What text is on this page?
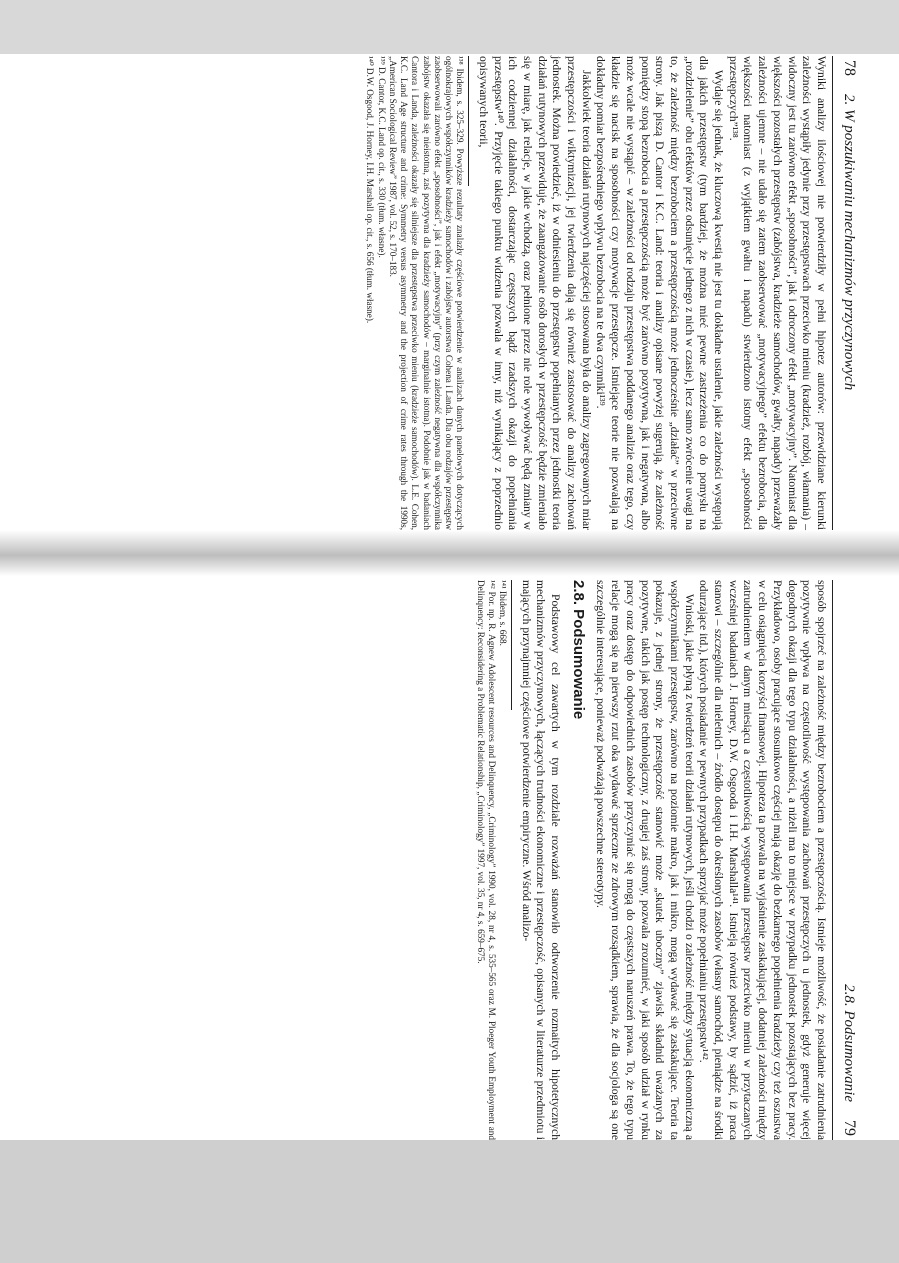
78
2. W poszukiwaniu mechanizmów przyczynowych

Wyniki analizy ilościowej nie potwierdziły w pełni hipotez autorów: przewidziane kierunki zależności wystąpiły jedynie przy przestępstwach przeciwko mieniu (kradzież, rozbój, włamania) – widoczny jest tu zarówno efekt „sposobności”, jak i odroczony efekt „motywacyjny”. Natomiast dla większości pozostałych przestępstw (zabójstwa, kradzieże samochodów, gwałty, napady) przeważały zależności ujemne – nie udało się zatem zaobserwować „motywacyjnego” efektu bezrobocia, dla większości natomiast (z wyjątkiem gwałtu i napadu) stwierdzono istotny efekt „sposobności przestępczych”¹³⁸.

Wydaje się jednak, że kluczową kwestią nie jest tu dokładne ustalenie, jakie zależności występują dla jakich przestępstw (tym bardziej, że można mieć pewne zastrzeżenia co do pomysłu na „rozdzielenie” obu efektów przez odsunięcie jednego z nich w czasie), lecz samo zwrócenie uwagi na to, że zależność między bezrobociem a przestępczością może jednocześnie „działać” w przeciwne strony. Jak piszą D. Cantor i K.C. Land: teoria i analizy opisane powyżej sugerują, że zależność pomiędzy stopą bezrobocia a przestępczością może być zarówno pozytywna, jak i negatywna, albo może wcale nie wystąpić – w zależności od rodzaju przestępstwa poddanego analizie oraz tego, czy kładzie się nacisk na sposobności czy motywacje przestępcze. Istniejące teorie nie pozwalają na dokładny pomiar bezpośredniego wpływu bezrobocia na te dwa czynniki¹³⁹.

Jakkolwiek teoria działań rutynowych najczęściej stosowana była do analizy zagregowanych miar przestępczości i wiktymizacji, jej twierdzenia dają się również zastosować do analizy zachowań jednostek. Można powiedzieć, iż w odniesieniu do przestępstw popełnianych przez jednostki teoria działań rutynowych przewiduje, że zaangażowanie osób dorosłych w przestępczość będzie zmieniało się w miarę, jak relacje, w jakie wchodzą, oraz pełnione przez nie role wywoływać będą zmiany w ich codziennej działalności, dostarczając częstszych bądź rzadszych okazji do popełniania przestępstw¹⁴⁰. Przyjęcie takiego punktu widzenia pozwala w inny, niż wynikający z poprzednio opisywanych teorii,

¹³⁸ Ibidem, s. 325–329. Powyższe rezultaty znalazły częściowe potwierdzenie w analizach danych panelowych dotyczących ogólnokrajowych współczynników kradzieży samochodów i zabójstw autorstwa Cohena i Landa. Dla obu rodzajów przestępstw zaobserwowali zarówno efekt „sposobności”, jak i efekt „motywacyjny” (przy czym zależność negatywna dla współczynnika zabójstw okazała się nieistotna, zaś pozytywna dla kradzieży samochodów – marginalnie istotna). Podobnie jak w badaniach Cantora i Landa, zależności okazały się silniejsze dla przestępstwa przeciwko mieniu (kradzieże samochodów). L.E. Cohen, K.C. Land Age structure and crime: Symmetry versus asymmetry and the projection of crime rates through the 1990s, „American Sociological Review” 1987, vol. 52, s. 170–183.

¹³⁹ D. Cantor, K.C. Land op. cit., s. 330 (tłum. własne).

¹⁴⁰ D.W. Osgood, J. Horney, I.H. Marshall op. cit., s. 656 (tłum. własne).

2.8. Podsumowanie
79

sposób spojrzeć na zależność między bezrobociem a przestępczością. Istnieje możliwość, że posiadanie zatrudnienia pozytywnie wpływa na częstotliwość występowania zachowań przestępczych u jednostek, gdyż generuje więcej dogodnych okazji dla tego typu działalności, a niżeli ma to miejsce w przypadku jednostek pozostających bez pracy. Przykładowo, osoby pracujące stosunkowo częściej mają okazję do bezkarnego popełnienia kradzieży czy też oszustwa w celu osiągnięcia korzyści finansowej. Hipoteza ta pozwala na wyjaśnienie zaskakującej, dodatniej zależności między zatrudnieniem w danym miesiącu a częstotliwością występowania przestępstw przeciwko mieniu w przytaczanych wcześniej badaniach J. Horney, D.W. Osgooda i I.H. Marshalla¹⁴¹. Istnieją również podstawy, by sądzić, iż praca stanowi – szczególnie dla nieletnich – źródło dostępu do określonych zasobów (własny samochód, pieniądze na środki odurzające itd.), których posiadanie w pewnych przypadkach sprzyjać może popełnianiu przestępstw¹⁴².

Wnioski, jakie płyną z twierdzeń teorii działań rutynowych, jeśli chodzi o zależność między sytuacją ekonomiczną a współczynnikami przestępstw, zarówno na poziomie makro, jak i mikro, mogą wydawać się zaskakujące. Teoria ta pokazuje, z jednej strony, że przestępczość stanowić może „skutek uboczny” zjawisk składnid uważanych za pozytywne, takich jak postęp technologiczny, z drugiej zaś strony, pozwala zrozumieć, w jaki sposób udział w rynku pracy oraz dostęp do odpowiednich zasobów przyczyniać się mogą do częstszych naruszeń prawa. To, że tego typu relacje mogą się na pierwszy rzut oka wydawać sprzeczne ze zdrowym rozsądkiem, sprawia, że dla socjologa są one szczególnie interesujące, ponieważ podważają powszechne stereotypy.

2.8. Podsumowanie

Podstawowy cel zawartych w tym rozdziale rozważań stanowiło odtworzenie rozmaitych hipotetycznych mechanizmów przyczynowych, łączących trudności ekonomiczne i przestępczość, opisanych w literaturze przedmiotu i mających przynajmniej częściowe potwierdzenie empiryczne. Wśród analizo-

¹⁴¹ Ibidem, s. 668.

¹⁴² Por. np. R. Agnew Adolescent resources and Delinquency, „Criminology” 1990, vol. 28, nr 4, s. 535–565 oraz M. Ploeger Youth Employment and Delinquency: Reconsidering a Problematic Relationship, „Criminology” 1997, vol. 35, nr 4, s. 659–675.
